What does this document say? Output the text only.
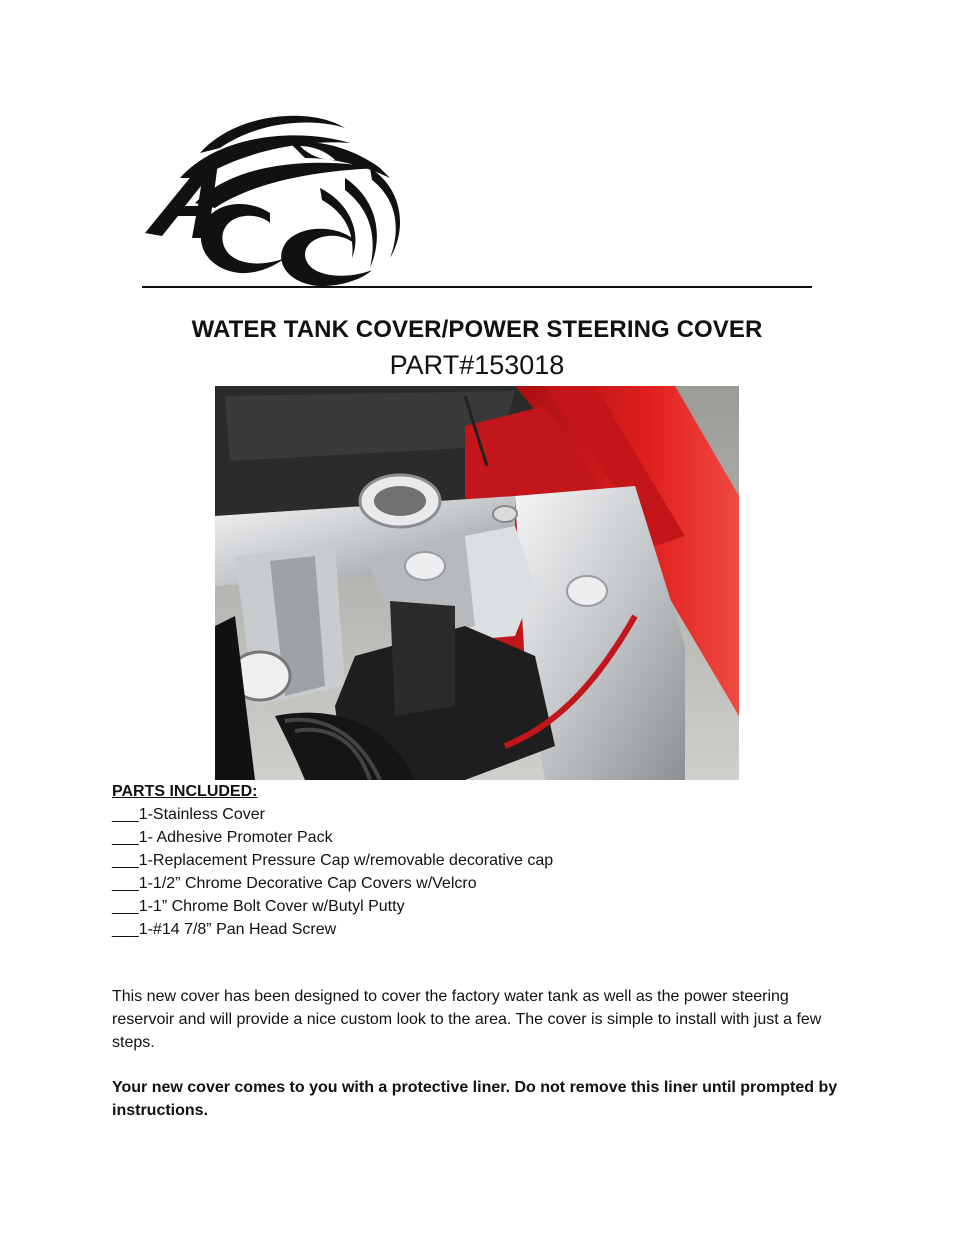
WATER TANK COVER/POWER STEERING COVER
PART#153018
PARTS INCLUDED:
___1-Stainless Cover
___1- Adhesive Promoter Pack
___1-Replacement Pressure Cap w/removable decorative cap
___1-1/2” Chrome Decorative Cap Covers w/Velcro
___1-1” Chrome Bolt Cover w/Butyl Putty
___1-#14 7/8” Pan Head Screw

This new cover has been designed to cover the factory water tank as well as the power steering reservoir and will provide a nice custom look to the area. The cover is simple to install with just a few steps.

Your new cover comes to you with a protective liner. Do not remove this liner until prompted by instructions.
